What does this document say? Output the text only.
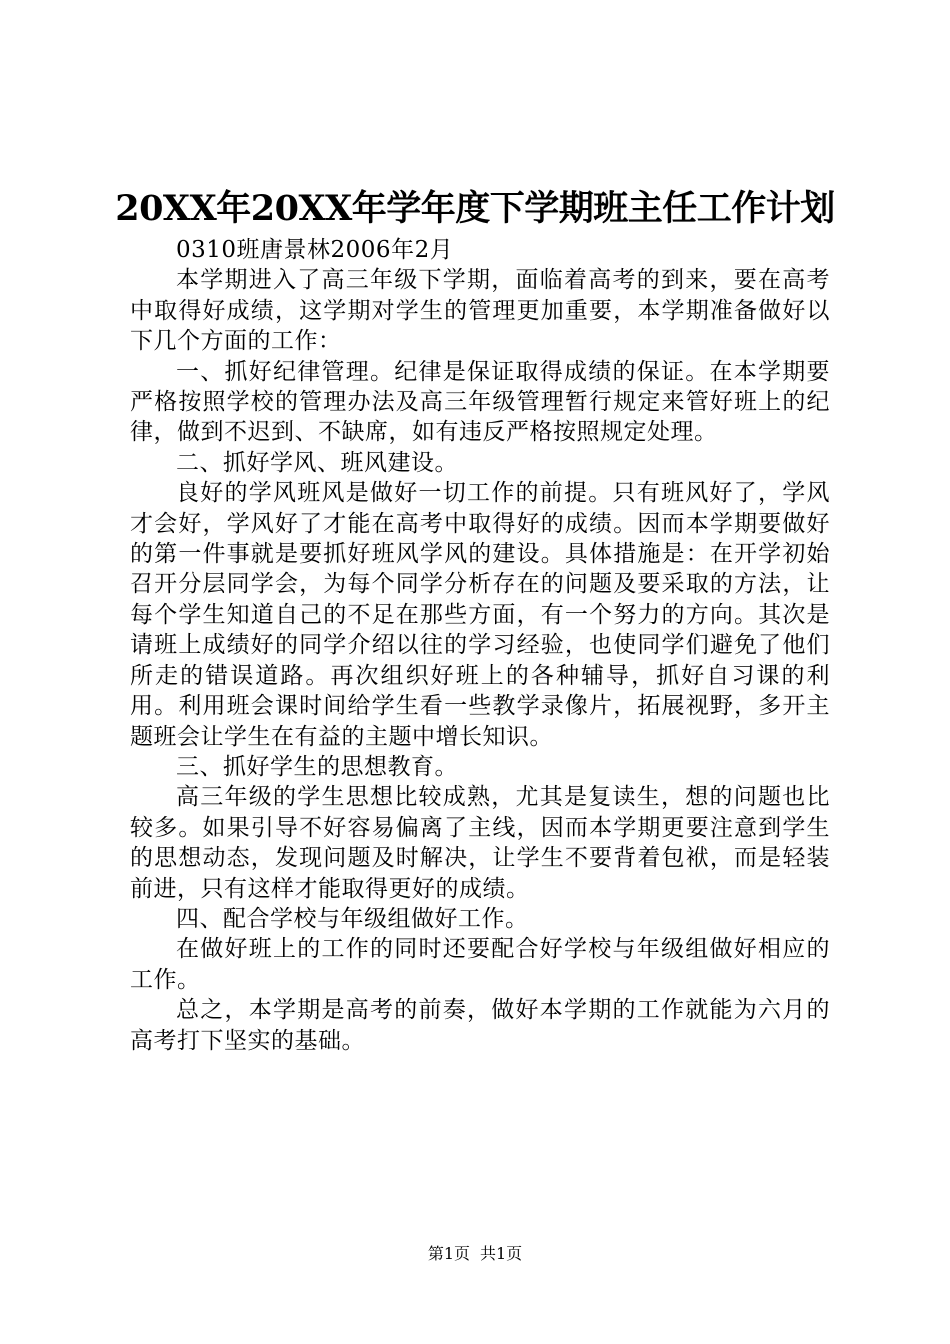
20XX年20XX年学年度下学期班主任工作计划

0310班唐景林2006年2月

本学期进入了高三年级下学期，面临着高考的到来，要在高考中取得好成绩，这学期对学生的管理更加重要，本学期准备做好以下几个方面的工作：

一、抓好纪律管理。纪律是保证取得成绩的保证。在本学期要严格按照学校的管理办法及高三年级管理暂行规定来管好班上的纪律，做到不迟到、不缺席，如有违反严格按照规定处理。

二、抓好学风、班风建设。

良好的学风班风是做好一切工作的前提。只有班风好了，学风才会好，学风好了才能在高考中取得好的成绩。因而本学期要做好的第一件事就是要抓好班风学风的建设。具体措施是：在开学初始召开分层同学会，为每个同学分析存在的问题及要采取的方法，让每个学生知道自己的不足在那些方面，有一个努力的方向。其次是请班上成绩好的同学介绍以往的学习经验，也使同学们避免了他们所走的错误道路。再次组织好班上的各种辅导，抓好自习课的利用。利用班会课时间给学生看一些教学录像片，拓展视野，多开主题班会让学生在有益的主题中增长知识。

三、抓好学生的思想教育。

高三年级的学生思想比较成熟，尤其是复读生，想的问题也比较多。如果引导不好容易偏离了主线，因而本学期更要注意到学生的思想动态，发现问题及时解决，让学生不要背着包袱，而是轻装前进，只有这样才能取得更好的成绩。

四、配合学校与年级组做好工作。

在做好班上的工作的同时还要配合好学校与年级组做好相应的工作。

总之，本学期是高考的前奏，做好本学期的工作就能为六月的高考打下坚实的基础。

第1页 共1页
